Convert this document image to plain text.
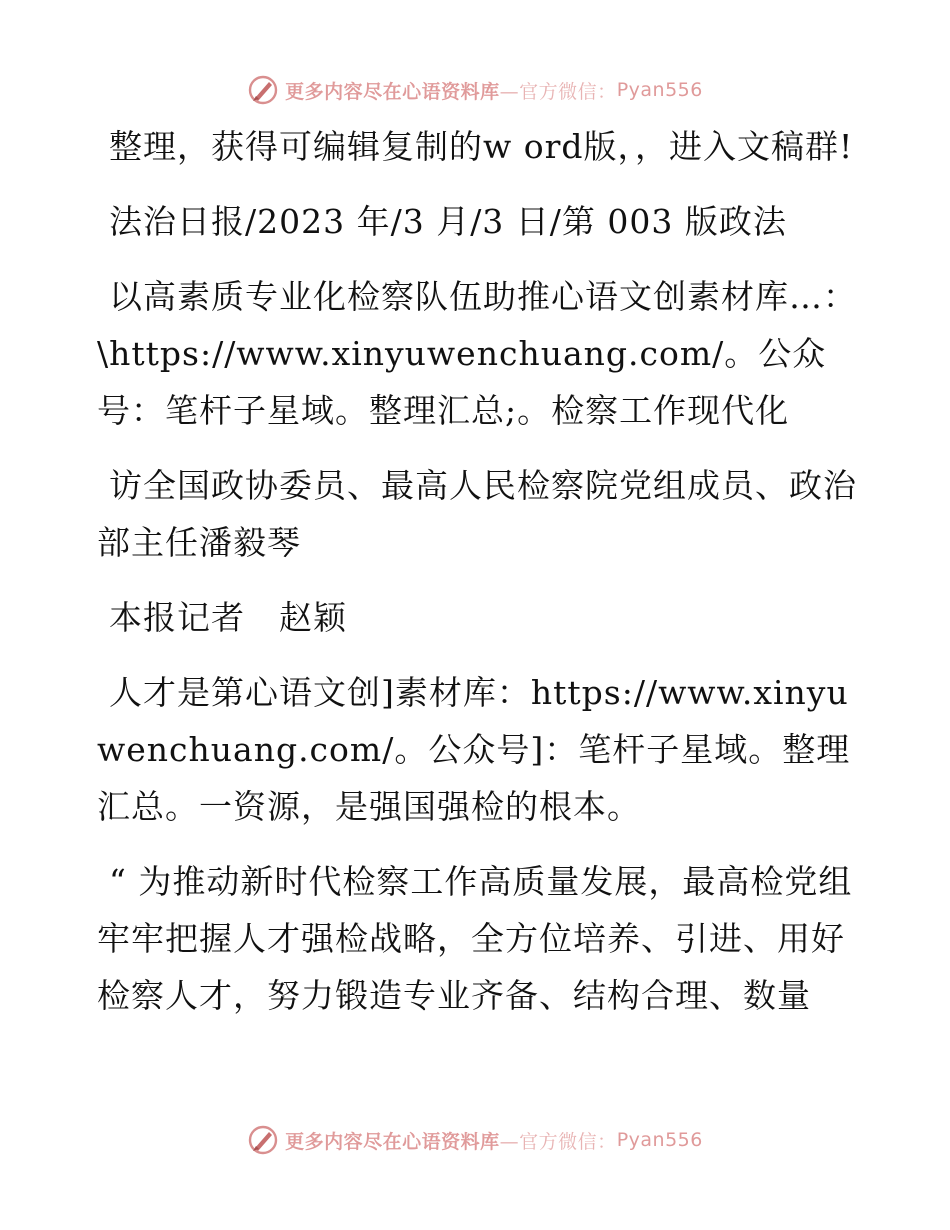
更多内容尽在心语资料库 —官方微信： Pyan556

整理，获得可编辑复制的w ord版，，进入文稿群!

法治日报/2023 年/3 月/3 日/第 003 版政法

以高素质专业化检察队伍助推心语文创素材库…：\https://www.xinyuwenchuang.com/。公众号：笔杆子星域。整理汇总;。检察工作现代化

访全国政协委员、最高人民检察院党组成员、政治部主任潘毅琴

本报记者　赵颖

人才是第心语文创]素材库：https://www.xinyuwenchuang.com/。公众号]：笔杆子星域。整理汇总。一资源，是强国强检的根本。

“ 为推动新时代检察工作高质量发展，最高检党组牢牢把握人才强检战略，全方位培养、引进、用好检察人才，努力锻造专业齐备、结构合理、数量

更多内容尽在心语资料库 —官方微信： Pyan556
